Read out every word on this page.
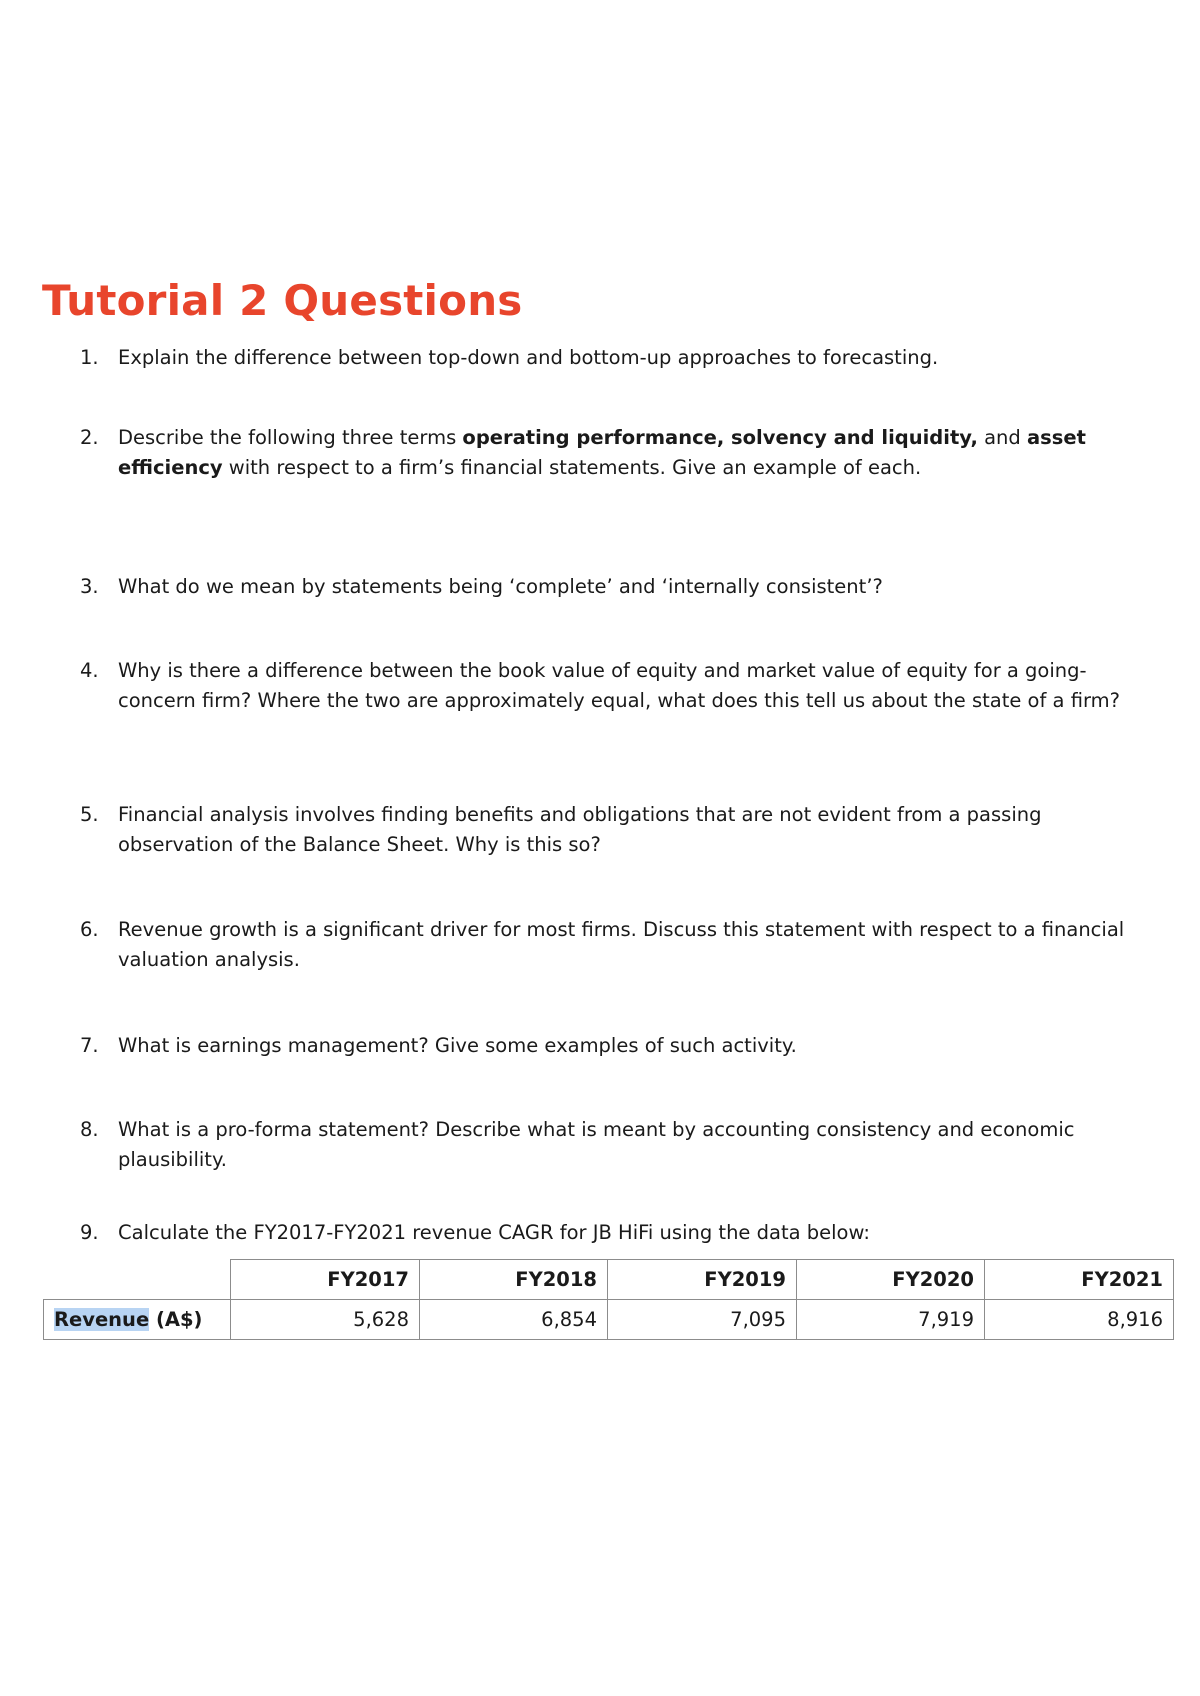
Tutorial 2 Questions
1. Explain the difference between top-down and bottom-up approaches to forecasting.
2. Describe the following three terms operating performance, solvency and liquidity, and asset efficiency with respect to a firm’s financial statements. Give an example of each.
3. What do we mean by statements being ‘complete’ and ‘internally consistent’?
4. Why is there a difference between the book value of equity and market value of equity for a going-concern firm? Where the two are approximately equal, what does this tell us about the state of a firm?
5. Financial analysis involves finding benefits and obligations that are not evident from a passing observation of the Balance Sheet. Why is this so?
6. Revenue growth is a significant driver for most firms. Discuss this statement with respect to a financial valuation analysis.
7. What is earnings management? Give some examples of such activity.
8. What is a pro-forma statement? Describe what is meant by accounting consistency and economic plausibility.
9. Calculate the FY2017-FY2021 revenue CAGR for JB HiFi using the data below:
	FY2017	FY2018	FY2019	FY2020	FY2021
Revenue (A$)	5,628	6,854	7,095	7,919	8,916
